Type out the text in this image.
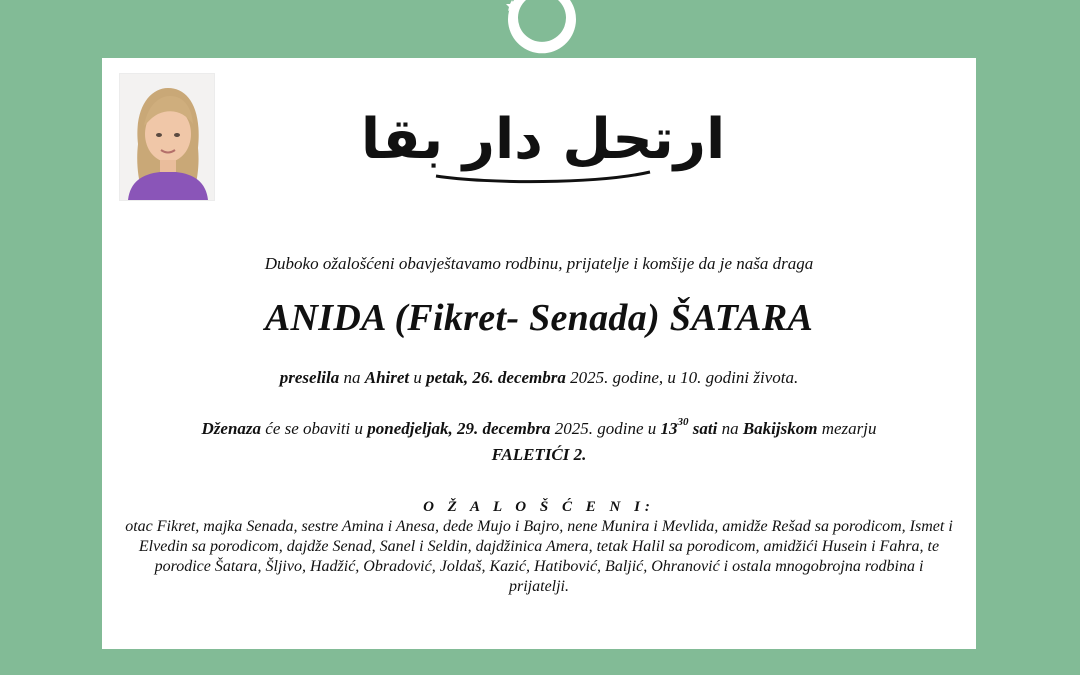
ارتحل دار بقا
Duboko ožalošćeni obavještavamo rodbinu, prijatelje i komšije da je naša draga
ANIDA (Fikret- Senada) ŠATARA
preselila na Ahiret u petak, 26. decembra 2025. godine, u 10. godini života.
Dženaza će se obaviti u ponedjeljak, 29. decembra 2025. godine u $13^{30}$ sati na Bakijskom mezarju
FALETIĆI 2.
O Ž A L O Š Ć E N I:
otac Fikret, majka Senada, sestre Amina i Anesa, dede Mujo i Bajro, nene Munira i Mevlida, amidže Rešad sa porodicom, Ismet i Elvedin sa porodicom, dajdže Senad, Sanel i Seldin, dajdžinica Amera, tetak Halil sa porodicom, amidžići Husein i Fahra, te porodice Šatara, Šljivo, Hadžić, Obradović, Joldaš, Kazić, Hatibović, Baljić, Ohranović i ostala mnogobrojna rodbina i prijatelji.
